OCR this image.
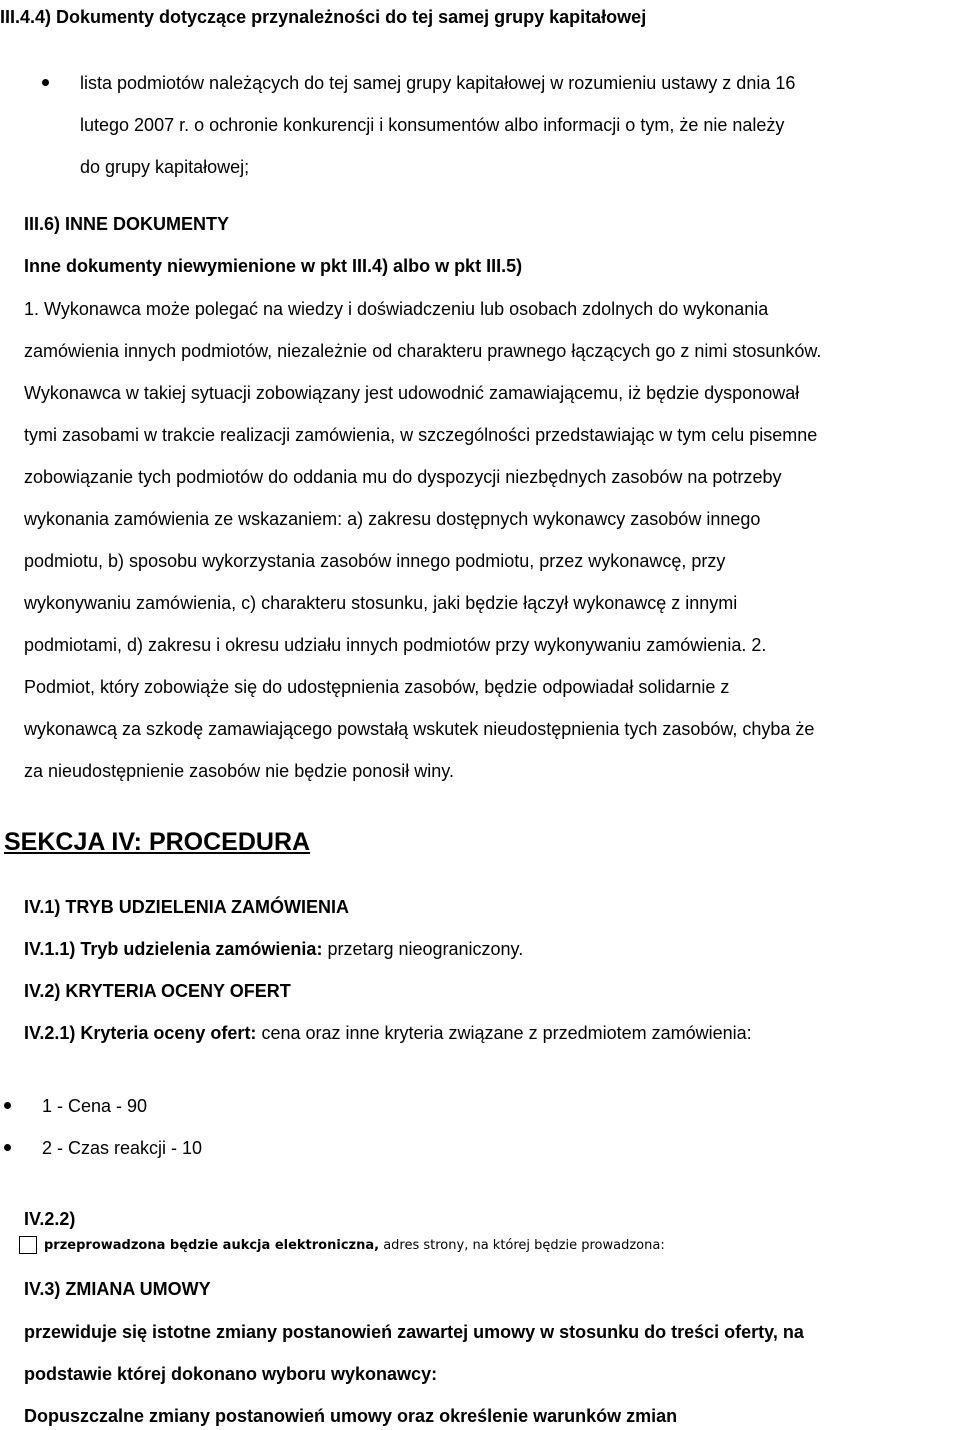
III.4.4) Dokumenty dotyczące przynależności do tej samej grupy kapitałowej
lista podmiotów należących do tej samej grupy kapitałowej w rozumieniu ustawy z dnia 16
lutego 2007 r. o ochronie konkurencji i konsumentów albo informacji o tym, że nie należy
do grupy kapitałowej;
III.6) INNE DOKUMENTY
Inne dokumenty niewymienione w pkt III.4) albo w pkt III.5)
1. Wykonawca może polegać na wiedzy i doświadczeniu lub osobach zdolnych do wykonania
zamówienia innych podmiotów, niezależnie od charakteru prawnego łączących go z nimi stosunków.
Wykonawca w takiej sytuacji zobowiązany jest udowodnić zamawiającemu, iż będzie dysponował
tymi zasobami w trakcie realizacji zamówienia, w szczególności przedstawiając w tym celu pisemne
zobowiązanie tych podmiotów do oddania mu do dyspozycji niezbędnych zasobów na potrzeby
wykonania zamówienia ze wskazaniem: a) zakresu dostępnych wykonawcy zasobów innego
podmiotu, b) sposobu wykorzystania zasobów innego podmiotu, przez wykonawcę, przy
wykonywaniu zamówienia, c) charakteru stosunku, jaki będzie łączył wykonawcę z innymi
podmiotami, d) zakresu i okresu udziału innych podmiotów przy wykonywaniu zamówienia. 2.
Podmiot, który zobowiąże się do udostępnienia zasobów, będzie odpowiadał solidarnie z
wykonawcą za szkodę zamawiającego powstałą wskutek nieudostępnienia tych zasobów, chyba że
za nieudostępnienie zasobów nie będzie ponosił winy.
SEKCJA IV: PROCEDURA
IV.1) TRYB UDZIELENIA ZAMÓWIENIA
IV.1.1) Tryb udzielenia zamówienia: przetarg nieograniczony.
IV.2) KRYTERIA OCENY OFERT
IV.2.1) Kryteria oceny ofert: cena oraz inne kryteria związane z przedmiotem zamówienia:
1 - Cena - 90
2 - Czas reakcji - 10
IV.2.2)
przeprowadzona będzie aukcja elektroniczna, adres strony, na której będzie prowadzona:
IV.3) ZMIANA UMOWY
przewiduje się istotne zmiany postanowień zawartej umowy w stosunku do treści oferty, na
podstawie której dokonano wyboru wykonawcy:
Dopuszczalne zmiany postanowień umowy oraz określenie warunków zmian
